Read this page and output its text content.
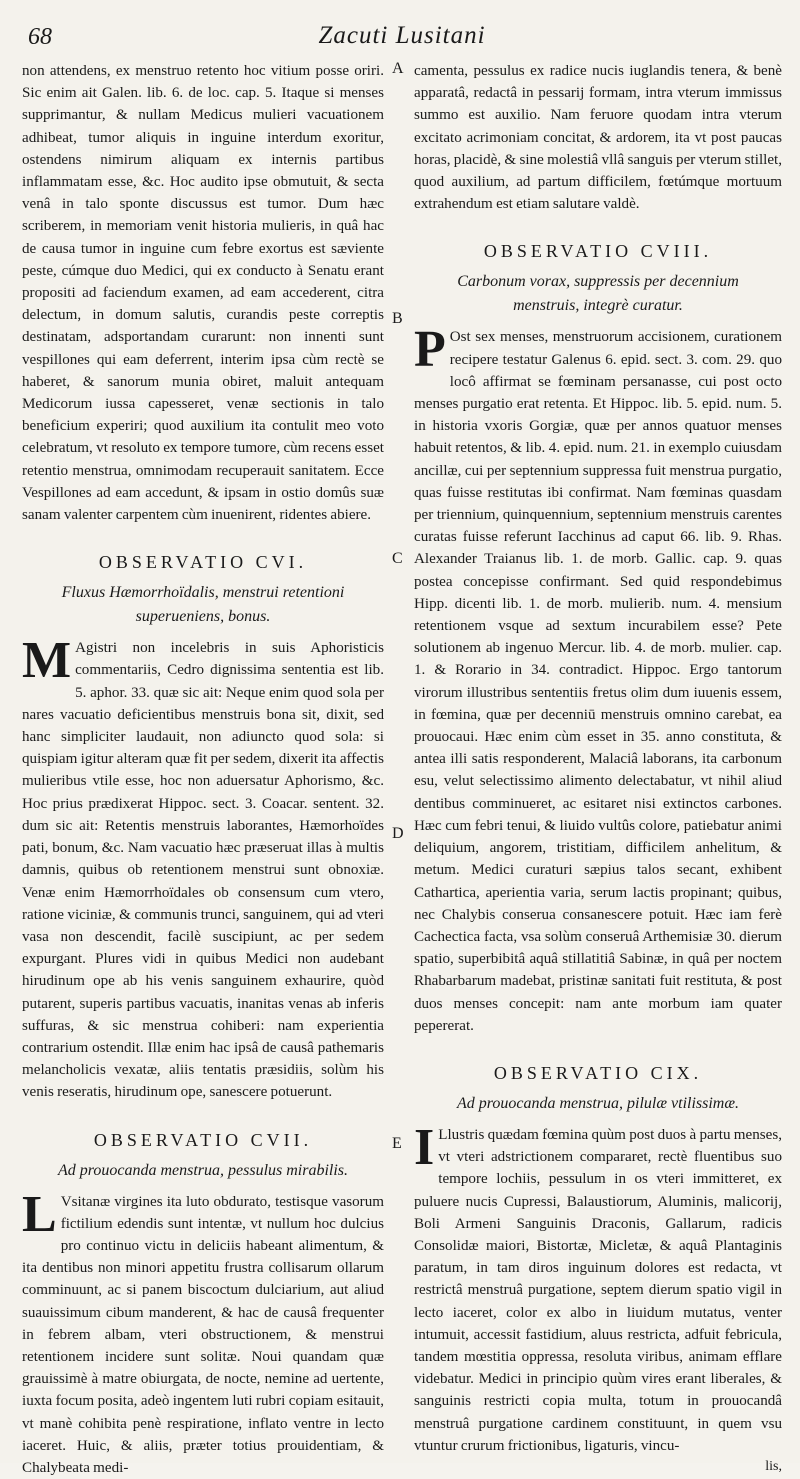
68	Zacuti Lusitani

non attendens, ex menstruo retento hoc vitium posse oriri. Sic enim ait Galen. lib. 6. de loc. cap. 5. Itaque si menses supprimantur, & nullam Medicus mulieri vacuationem adhibeat, tumor aliquis in inguine interdum exoritur, ostendens nimirum aliquam ex internis partibus inflammatam esse, &c. Hoc audito ipse obmutuit, & secta venâ in talo sponte discussus est tumor. Dum hæc scriberem, in memoriam venit historia mulieris, in quâ hac de causa tumor in inguine cum febre exortus est sæviente peste, cúmque duo Medici, qui ex conducto à Senatu erant propositi ad faciendum examen, ad eam accederent, citra delectum, in domum salutis, curandis peste correptis destinatam, adsportandam curarunt: non innenti sunt vespillones qui eam deferrent, interim ipsa cùm rectè se haberet, & sanorum munia obiret, maluit antequam Medicorum iussa capesseret, venæ sectionis in talo beneficium experiri; quod auxilium ita contulit meo voto celebratum, vt resoluto ex tempore tumore, cùm recens esset retentio menstrua, omnimodam recuperauit sanitatem. Ecce Vespillones ad eam accedunt, & ipsam in ostio domûs suæ sanam valenter carpentem cùm inuenirent, ridentes abiere.

OBSERVATIO CVI.
Fluxus Hæmorrhoïdalis, menstrui retentioni superueniens, bonus.

M Agistri non incelebris in suis Aphoristicis commentariis, Cedro dignissima sententia est lib. 5. aphor. 33. quæ sic ait: Neque enim quod sola per nares vacuatio deficientibus menstruis bona sit, dixit, sed hanc simpliciter laudauit, non adiuncto quod sola: si quispiam igitur alteram quæ fit per sedem, dixerit ita affectis mulieribus vtile esse, hoc non aduersatur Aphorismo, &c. Hoc prius prædixerat Hippoc. sect. 3. Coacar. sentent. 32. dum sic ait: Retentis menstruis laborantes, Hæmorhoïdes pati, bonum, &c. Nam vacuatio hæc præseruat illas à multis damnis, quibus ob retentionem menstrui sunt obnoxiæ. Venæ enim Hæmorrhoïdales ob consensum cum vtero, ratione viciniæ, & communis trunci, sanguinem, qui ad vteri vasa non descendit, facilè suscipiunt, ac per sedem expurgant. Plures vidi in quibus Medici non audebant hirudinum ope ab his venis sanguinem exhaurire, quòd putarent, superis partibus vacuatis, inanitas venas ab inferis suffuras, & sic menstrua cohiberi: nam experientia contrarium ostendit. Illæ enim hac ipsâ de causâ pathemaris melancholicis vexatæ, aliis tentatis præsidiis, solùm his venis reseratis, hirudinum ope, sanescere potuerunt.

OBSERVATIO CVII.
Ad prouocanda menstrua, pessulus mirabilis.

L Vsitanæ virgines ita luto obdurato, testisque vasorum fictilium edendis sunt intentæ, vt nullum hoc dulcius pro continuo victu in deliciis habeant alimentum, & ita dentibus non minori appetitu frustra collisarum ollarum comminuunt, ac si panem biscoctum dulciarium, aut aliud suauissimum cibum manderent, & hac de causâ frequenter in febrem albam, vteri obstructionem, & menstrui retentionem incidere sunt solitæ. Noui quandam quæ grauissimè à matre obiurgata, de nocte, nemine ad uertente, iuxta focum posita, adeò ingentem luti rubri copiam esitauit, vt manè cohibita penè respiratione, inflato ventre in lecto iaceret. Huic, & aliis, præter totius prouidentiam, & Chalybeata medi-

A
B
C
D
E

camenta, pessulus ex radice nucis iuglandis tenera, & benè apparatâ, redactâ in pessarij formam, intra vterum immissus summo est auxilio. Nam feruore quodam intra vterum excitato acrimoniam concitat, & ardorem, ita vt post paucas horas, placidè, & sine molestiâ vllâ sanguis per vterum stillet, quod auxilium, ad partum difficilem, fœtúmque mortuum extrahendum est etiam salutare valdè.

OBSERVATIO CVIII.
Carbonum vorax, suppressis per decennium menstruis, integrè curatur.

P Ost sex menses, menstruorum accisionem, curationem recipere testatur Galenus 6. epid. sect. 3. com. 29. quo locô affirmat se fœminam persanasse, cui post octo menses purgatio erat retenta. Et Hippoc. lib. 5. epid. num. 5. in historia vxoris Gorgiæ, quæ per annos quatuor menses habuit retentos, & lib. 4. epid. num. 21. in exemplo cuiusdam ancillæ, cui per septennium suppressa fuit menstrua purgatio, quas fuisse restitutas ibi confirmat. Nam fœminas quasdam per triennium, quinquennium, septennium menstruis carentes curatas fuisse referunt Iacchinus ad caput 66. lib. 9. Rhas. Alexander Traianus lib. 1. de morb. Gallic. cap. 9. quas postea concepisse confirmant. Sed quid respondebimus Hipp. dicenti lib. 1. de morb. mulierib. num. 4. mensium retentionem vsque ad sextum incurabilem esse? Pete solutionem ab ingenuo Mercur. lib. 4. de morb. mulier. cap. 1. & Rorario in 34. contradict. Hippoc. Ergo tantorum virorum illustribus sententiis fretus olim dum iuuenis essem, in fœmina, quæ per decenniū menstruis omnino carebat, ea prouocaui. Hæc enim cùm esset in 35. anno constituta, & antea illi satis responderent, Malaciâ laborans, ita carbonum esu, velut selectissimo alimento delectabatur, vt nihil aliud dentibus comminueret, ac esitaret nisi extinctos carbones. Hæc cum febri tenui, & liuido vultûs colore, patiebatur animi deliquium, angorem, tristitiam, difficilem anhelitum, & metum. Medici curaturi sæpius talos secant, exhibent Cathartica, aperientia varia, serum lactis propinant; quibus, nec Chalybis conserua consanescere potuit. Hæc iam ferè Cachectica facta, vsa solùm conseruâ Arthemisiæ 30. dierum spatio, superbibitâ aquâ stillatitiâ Sabinæ, in quâ per noctem Rhabarbarum madebat, pristinæ sanitati fuit restituta, & post duos menses concepit: nam ante morbum iam quater pepererat.

OBSERVATIO CIX.
Ad prouocanda menstrua, pilulæ vtilissimæ.

I Llustris quædam fœmina quùm post duos à partu menses, vt vteri adstrictionem compararet, rectè fluentibus suo tempore lochiis, pessulum in os vteri immitteret, ex puluere nucis Cupressi, Balaustiorum, Aluminis, malicorij, Boli Armeni Sanguinis Draconis, Gallarum, radicis Consolidæ maiori, Bistortæ, Micletæ, & aquâ Plantaginis paratum, in tam diros inguinum dolores est redacta, vt restrictâ menstruâ purgatione, septem dierum spatio vigil in lecto iaceret, color ex albo in liuidum mutatus, venter intumuit, accessit fastidium, aluus restricta, adfuit febricula, tandem mœstitia oppressa, resoluta viribus, animam efflare videbatur. Medici in principio quùm vires erant liberales, & sanguinis restricti copia multa, totum in prouocandâ menstruâ purgatione cardinem constituunt, in quem vsu vtuntur crurum frictionibus, ligaturis, vincu-

lis,
